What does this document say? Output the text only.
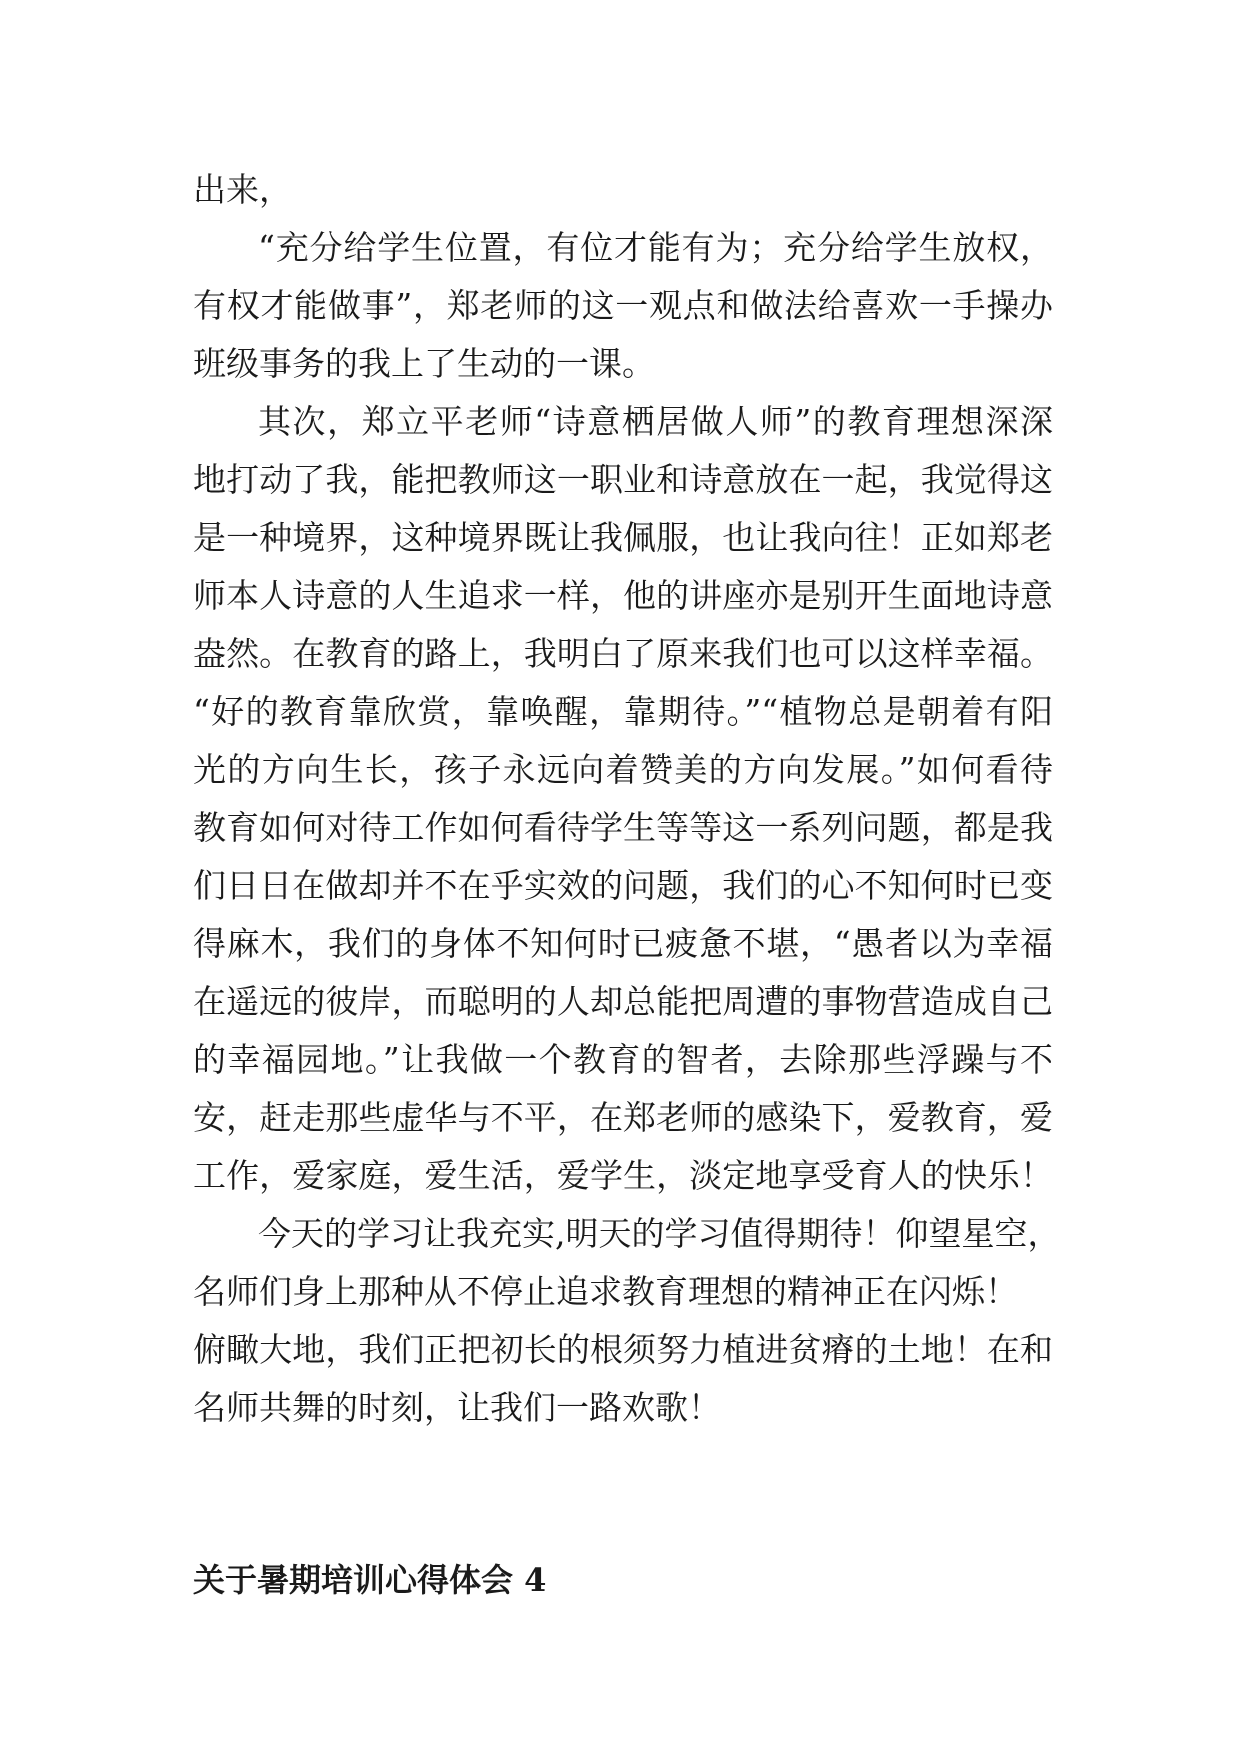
出来，

“充分给学生位置，有位才能有为；充分给学生放权，

有权才能做事”，郑老师的这一观点和做法给喜欢一手操办

班级事务的我上了生动的一课。

其次，郑立平老师“诗意栖居做人师”的教育理想深深

地打动了我，能把教师这一职业和诗意放在一起，我觉得这

是一种境界，这种境界既让我佩服，也让我向往！正如郑老

师本人诗意的人生追求一样，他的讲座亦是别开生面地诗意

盎然。在教育的路上，我明白了原来我们也可以这样幸福。

“好的教育靠欣赏，靠唤醒，靠期待。”“植物总是朝着有阳

光的方向生长，孩子永远向着赞美的方向发展。”如何看待

教育如何对待工作如何看待学生等等这一系列问题，都是我

们日日在做却并不在乎实效的问题，我们的心不知何时已变

得麻木，我们的身体不知何时已疲惫不堪，“愚者以为幸福

在遥远的彼岸，而聪明的人却总能把周遭的事物营造成自己

的幸福园地。”让我做一个教育的智者，去除那些浮躁与不

安，赶走那些虚华与不平，在郑老师的感染下，爱教育，爱

工作，爱家庭，爱生活，爱学生，淡定地享受育人的快乐！

今天的学习让我充实,明天的学习值得期待！仰望星空，

名师们身上那种从不停止追求教育理想的精神正在闪烁！

俯瞰大地，我们正把初长的根须努力植进贫瘠的土地！在和

名师共舞的时刻，让我们一路欢歌！

关于暑期培训心得体会 4
